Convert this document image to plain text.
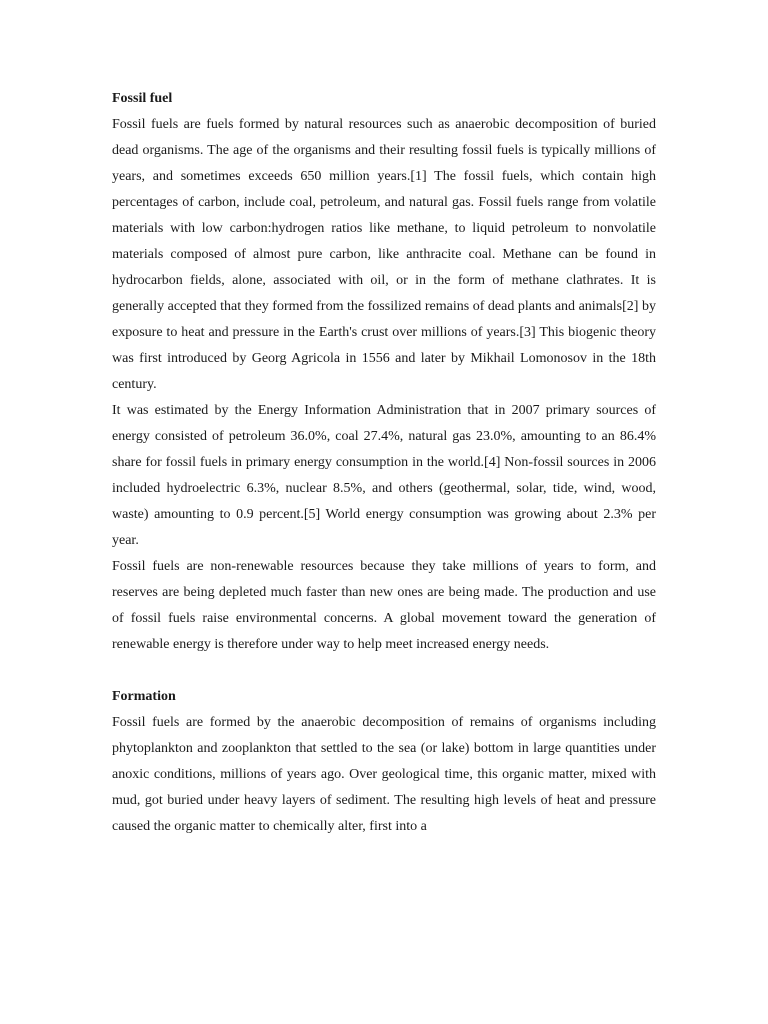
Fossil fuel

Fossil fuels are fuels formed by natural resources such as anaerobic decomposition of buried dead organisms. The age of the organisms and their resulting fossil fuels is typically millions of years, and sometimes exceeds 650 million years.[1] The fossil fuels, which contain high percentages of carbon, include coal, petroleum, and natural gas. Fossil fuels range from volatile materials with low carbon:hydrogen ratios like methane, to liquid petroleum to nonvolatile materials composed of almost pure carbon, like anthracite coal. Methane can be found in hydrocarbon fields, alone, associated with oil, or in the form of methane clathrates. It is generally accepted that they formed from the fossilized remains of dead plants and animals[2] by exposure to heat and pressure in the Earth's crust over millions of years.[3] This biogenic theory was first introduced by Georg Agricola in 1556 and later by Mikhail Lomonosov in the 18th century.

It was estimated by the Energy Information Administration that in 2007 primary sources of energy consisted of petroleum 36.0%, coal 27.4%, natural gas 23.0%, amounting to an 86.4% share for fossil fuels in primary energy consumption in the world.[4] Non-fossil sources in 2006 included hydroelectric 6.3%, nuclear 8.5%, and others (geothermal, solar, tide, wind, wood, waste) amounting to 0.9 percent.[5] World energy consumption was growing about 2.3% per year.

Fossil fuels are non-renewable resources because they take millions of years to form, and reserves are being depleted much faster than new ones are being made. The production and use of fossil fuels raise environmental concerns. A global movement toward the generation of renewable energy is therefore under way to help meet increased energy needs.

Formation

Fossil fuels are formed by the anaerobic decomposition of remains of organisms including phytoplankton and zooplankton that settled to the sea (or lake) bottom in large quantities under anoxic conditions, millions of years ago. Over geological time, this organic matter, mixed with mud, got buried under heavy layers of sediment. The resulting high levels of heat and pressure caused the organic matter to chemically alter, first into a
